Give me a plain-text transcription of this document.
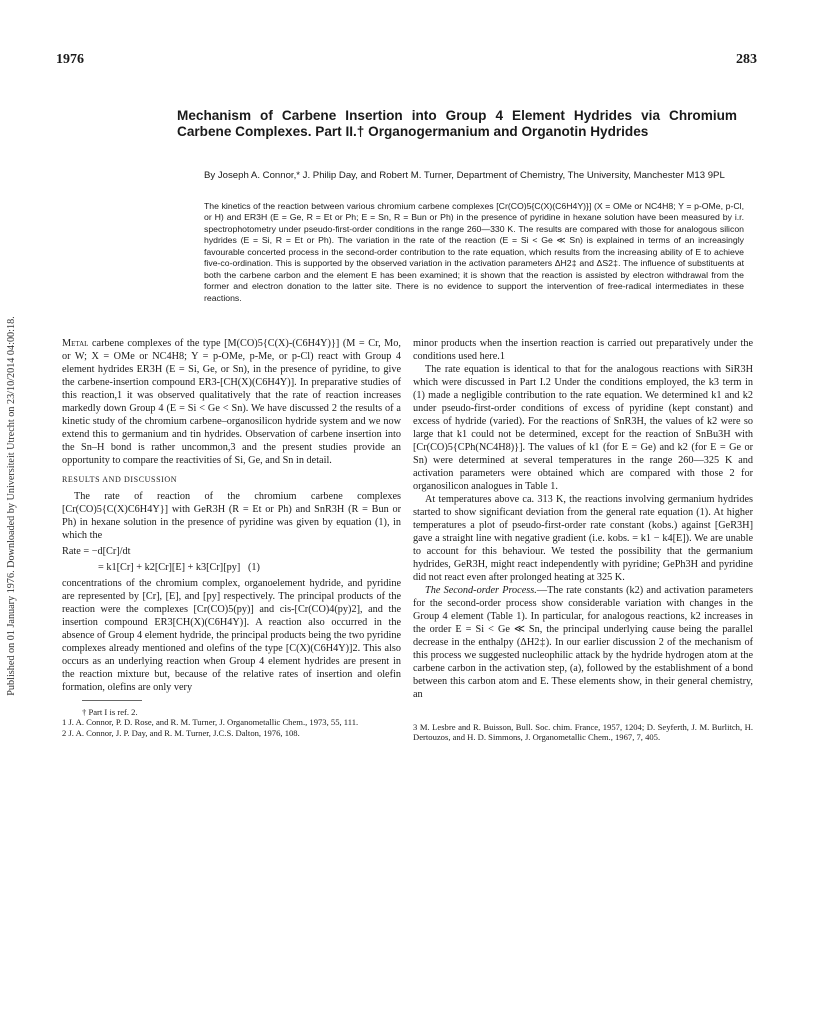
1976	283
Mechanism of Carbene Insertion into Group 4 Element Hydrides via Chromium Carbene Complexes. Part II.† Organogermanium and Organotin Hydrides
By Joseph A. Connor,* J. Philip Day, and Robert M. Turner, Department of Chemistry, The University, Manchester M13 9PL
The kinetics of the reaction between various chromium carbene complexes [Cr(CO)5{C(X)(C6H4Y)}] (X = OMe or NC4H8; Y = p-OMe, p-Cl, or H) and ER3H (E = Ge, R = Et or Ph; E = Sn, R = Bun or Ph) in the presence of pyridine in hexane solution have been measured by i.r. spectrophotometry under pseudo-first-order conditions in the range 260—330 K. The results are compared with those for analogous silicon hydrides (E = Si, R = Et or Ph). The variation in the rate of the reaction (E = Si < Ge ≪ Sn) is explained in terms of an increasingly favourable concerted process in the second-order contribution to the rate equation, which results from the increasing ability of E to achieve five-co-ordination. This is supported by the observed variation in the activation parameters ΔH2‡ and ΔS2‡. The influence of substituents at both the carbene carbon and the element E has been examined; it is shown that the reaction is assisted by electron withdrawal from the former and electron donation to the latter site. There is no evidence to support the intervention of free-radical intermediates in these reactions.
Published on 01 January 1976. Downloaded by Universiteit Utrecht on 23/10/2014 04:00:18.	Metal carbene complexes of the type [M(CO)5{C(X)-(C6H4Y)}] (M = Cr, Mo, or W; X = OMe or NC4H8; Y = p-OMe, p-Me, or p-Cl) react with Group 4 element hydrides ER3H (E = Si, Ge, or Sn), in the presence of pyridine, to give the carbene-insertion compound ER3-[CH(X)(C6H4Y)]. In preparative studies of this reaction,1 it was observed qualitatively that the rate of reaction increases markedly down Group 4 (E = Si < Ge < Sn). We have discussed 2 the results of a kinetic study of the chromium carbene–organosilicon hydride system and we now extend this to germanium and tin hydrides. Observation of carbene insertion into the Sn–H bond is rather uncommon,3 and the present studies provide an opportunity to compare the reactivities of Si, Ge, and Sn in detail.

RESULTS AND DISCUSSION

The rate of reaction of the chromium carbene complexes [Cr(CO)5{C(X)C6H4Y}] with GeR3H (R = Et or Ph) and SnR3H (R = Bun or Ph) in hexane solution in the presence of pyridine was given by equation (1), in which the

Rate = −d[Cr]/dt
= k1[Cr] + k2[Cr][E] + k3[Cr][py]   (1)

concentrations of the chromium complex, organoelement hydride, and pyridine are represented by [Cr], [E], and [py] respectively. The principal products of the reaction were the complexes [Cr(CO)5(py)] and cis-[Cr(CO)4(py)2], and the insertion compound ER3[CH(X)(C6H4Y)]. A reaction also occurred in the absence of Group 4 element hydride, the principal products being the two pyridine complexes already mentioned and olefins of the type [C(X)(C6H4Y)]2. This also occurs as an underlying reaction when Group 4 element hydrides are present in the reaction mixture but, because of the relative rates of insertion and olefin formation, olefins are only very

† Part I is ref. 2.
1 J. A. Connor, P. D. Rose, and R. M. Turner, J. Organometallic Chem., 1973, 55, 111.
2 J. A. Connor, J. P. Day, and R. M. Turner, J.C.S. Dalton, 1976, 108.

minor products when the insertion reaction is carried out preparatively under the conditions used here.1

The rate equation is identical to that for the analogous reactions with SiR3H which were discussed in Part I.2 Under the conditions employed, the k3 term in (1) made a negligible contribution to the rate equation. We determined k1 and k2 under pseudo-first-order conditions of excess of pyridine (kept constant) and excess of hydride (varied). For the reactions of SnR3H, the values of k2 were so large that k1 could not be determined, except for the reaction of SnBu3H with [Cr(CO)5{CPh(NC4H8)}]. The values of k1 (for E = Ge) and k2 (for E = Ge or Sn) were determined at several temperatures in the range 260—325 K and activation parameters were obtained which are compared with those 2 for organosilicon analogues in Table 1.

At temperatures above ca. 313 K, the reactions involving germanium hydrides started to show significant deviation from the general rate equation (1). At higher temperatures a plot of pseudo-first-order rate constant (kobs.) against [GeR3H] gave a straight line with negative gradient (i.e. kobs. = k1 − k4[E]). We are unable to account for this behaviour. We tested the possibility that the germanium hydrides, GeR3H, might react independently with pyridine; GePh3H and pyridine did not react even after prolonged heating at 325 K.

The Second-order Process.—The rate constants (k2) and activation parameters for the second-order process show considerable variation with changes in the Group 4 element (Table 1). In particular, for analogous reactions, k2 increases in the order E = Si < Ge ≪ Sn, the principal underlying cause being the parallel decrease in the enthalpy (ΔH2‡). In our earlier discussion 2 of the mechanism of this process we suggested nucleophilic attack by the hydride hydrogen atom at the carbene carbon in the activation step, (a), followed by the establishment of a bond between this carbon atom and E. These elements show, in their general chemistry, an

3 M. Lesbre and R. Buisson, Bull. Soc. chim. France, 1957, 1204; D. Seyferth, J. M. Burlitch, H. Dertouzos, and H. D. Simmons, J. Organometallic Chem., 1967, 7, 405.
